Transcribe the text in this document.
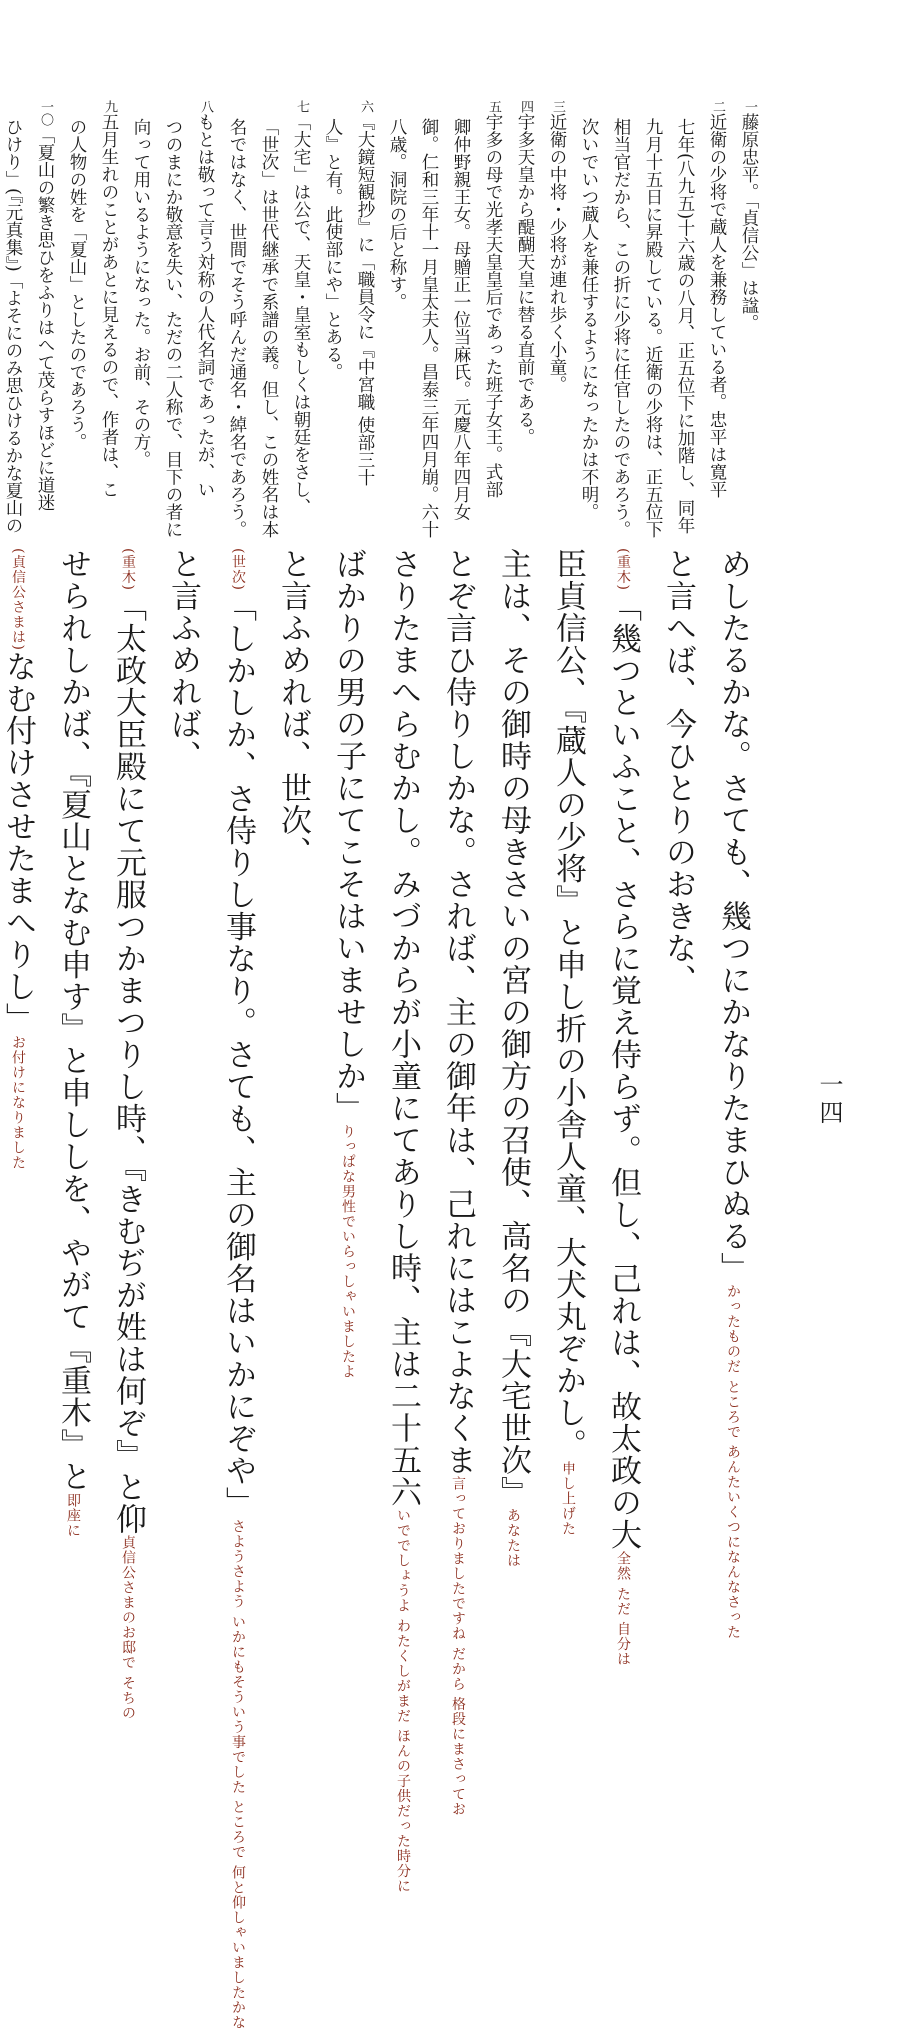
一四
一藤原忠平。「貞信公」は諡。
二近衛の少将で蔵人を兼務している者。忠平は寛平
七年(八九五)十六歳の八月、正五位下に加階し、同年
九月十五日に昇殿している。近衛の少将は、正五位下
相当官だから、この折に少将に任官したのであろう。
次いでいつ蔵人を兼任するようになったかは不明。
三近衛の中将・少将が連れ歩く小童。
四宇多天皇から醍醐天皇に替る直前である。
五宇多の母で光孝天皇皇后であった班子女王。式部
卿仲野親王女。母贈正一位当麻氏。元慶八年四月女
御。仁和三年十一月皇太夫人。昌泰三年四月崩。六十
八歳。洞院の后と称す。
六『大鏡短観抄』に「職員令に『中宮職 使部三十
人』と有。此使部にや」とある。
七「大宅」は公で、天皇・皇室もしくは朝廷をさし、
「世次」は世代継承で系譜の義。但し、この姓名は本
名ではなく、世間でそう呼んだ通名・綽名であろう。
八もとは敬って言う対称の人代名詞であったが、い
つのまにか敬意を失い、ただの二人称で、目下の者に
向って用いるようになった。お前、その方。
九五月生れのことがあとに見えるので、作者は、こ
の人物の姓を「夏山」としたのであろう。
一〇「夏山の繁き思ひをふりはへて茂らすほどに道迷
ひけり」(『元真集』)「よそにのみ思ひけるかな夏山の
めしたるかな。さても、幾つにかなりたまひぬる」かったものだ ところで あんたいくつになんなさった
と言へば、今ひとりのおきな、
(重木)「幾つといふこと、さらに覚え侍らず。但し、己れは、故太政の大全然 ただ 自分は
臣貞信公、『蔵人の少将』と申し折の小舎人童、大犬丸ぞかし。申し上げた
主は、その御時の母きさいの宮の御方の召使、高名の『大宅世次』あなたは
とぞ言ひ侍りしかな。されば、主の御年は、己れにはこよなくま言っておりましたですね だから 格段にまさってお
さりたまへらむかし。みづからが小童にてありし時、主は二十五六いででしょうよ わたくしがまだ ほんの子供だった時分に
ばかりの男の子にてこそはいませしか」りっぱな男性でいらっしゃいましたよ
と言ふめれば、世次、
(世次)「しかしか、さ侍りし事なり。さても、主の御名はいかにぞや」さようさよう いかにもそういう事でした ところで 何と仰しゃいましたかな
と言ふめれば、
(重木)「太政大臣殿にて元服つかまつりし時、『きむぢが姓は何ぞ』と仰貞信公さまのお邸で そちの
せられしかば、『夏山となむ申す』と申ししを、やがて『重木』と即座に
(貞信公さまは)なむ付けさせたまへりし」お付けになりました
